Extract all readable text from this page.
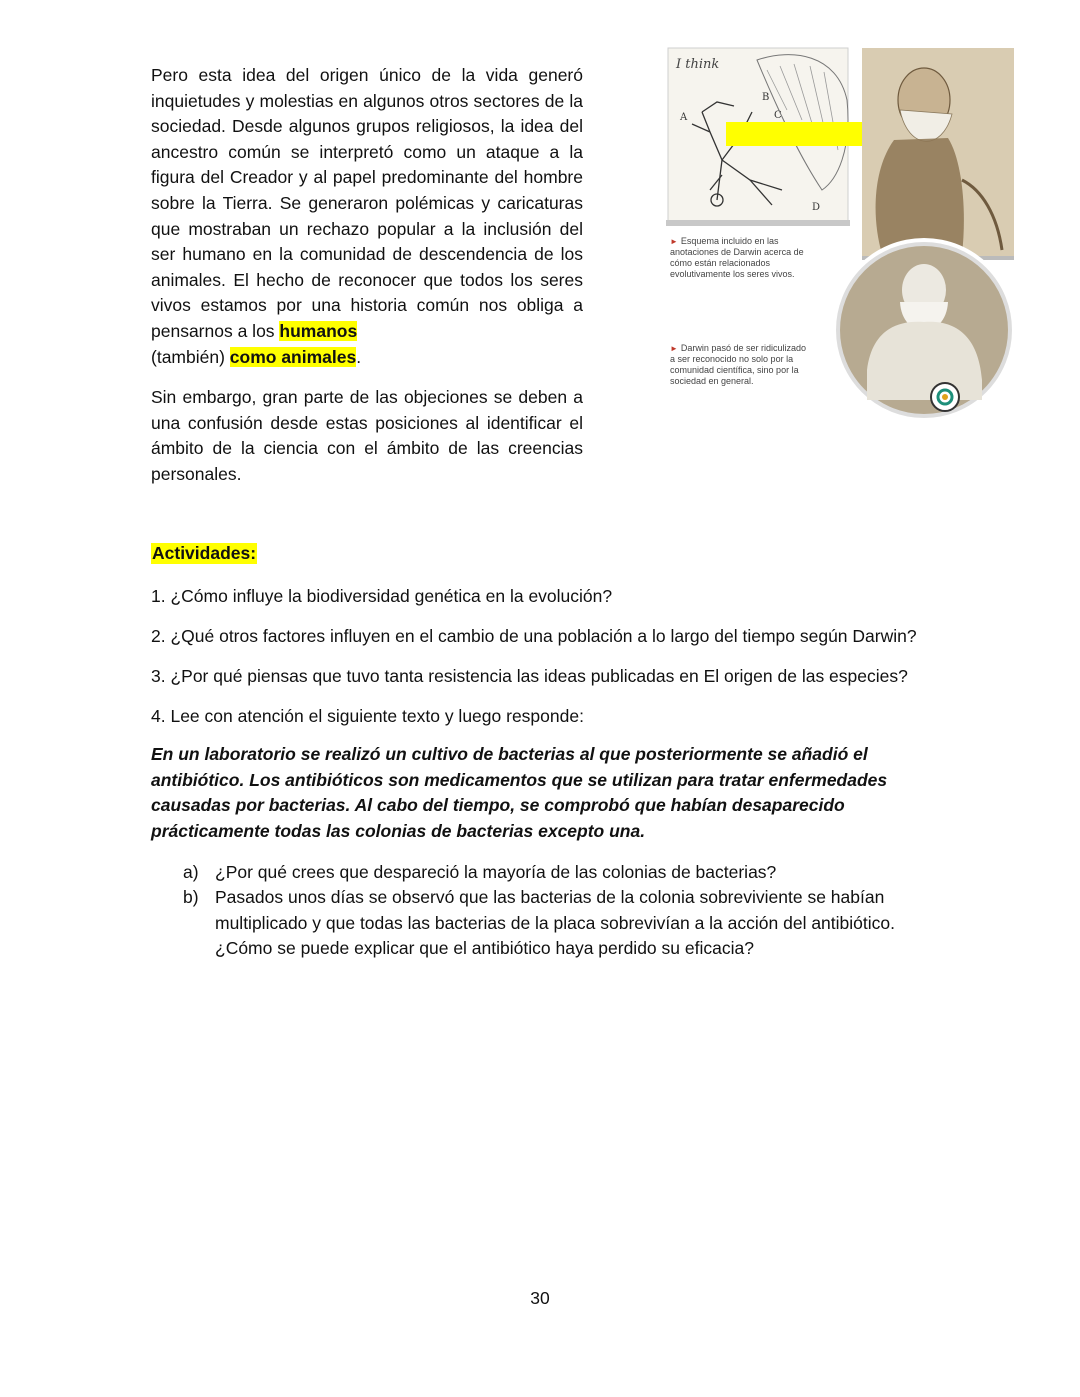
Pero esta idea del origen único de la vida generó inquietudes y molestias en algunos otros sectores de la sociedad. Desde algunos grupos religiosos, la idea del ancestro común se interpretó como un ataque a la figura del Creador y al papel predominante del hombre sobre la Tierra. Se generaron polémicas y caricaturas que mostraban un rechazo popular a la inclusión del ser humano en la comunidad de descendencia de los animales. El hecho de reconocer que todos los seres vivos estamos por una historia común nos obliga a pensarnos a los humanos
(también) como animales.

Sin embargo, gran parte de las objeciones se deben a una confusión desde estas posiciones al identificar el ámbito de la ciencia con el ámbito de las creencias personales.

I think
A
B
C
D
► Esquema incluido en las anotaciones de Darwin acerca de cómo están relacionados evolutivamente los seres vivos.
► Darwin pasó de ser ridiculizado a ser reconocido no solo por la comunidad científica, sino por la sociedad en general.
Actividades:

1. ¿Cómo influye la biodiversidad genética en la evolución?

2. ¿Qué otros factores influyen en el cambio de una población a lo largo del tiempo según Darwin?

3. ¿Por qué piensas que tuvo tanta resistencia las ideas publicadas en El origen de las especies?

4. Lee con atención el siguiente texto y luego responde:

En un laboratorio se realizó un cultivo de bacterias al que posteriormente se añadió el antibiótico. Los antibióticos son medicamentos que se utilizan para tratar enfermedades causadas por bacterias. Al cabo del tiempo, se comprobó que habían desaparecido prácticamente todas las colonias de bacterias excepto una.

a) ¿Por qué crees que despareció la mayoría de las colonias de bacterias?
b) Pasados unos días se observó que las bacterias de la colonia sobreviviente se habían multiplicado y que todas las bacterias de la placa sobrevivían a la acción del antibiótico. ¿Cómo se puede explicar que el antibiótico haya perdido su eficacia?
30
